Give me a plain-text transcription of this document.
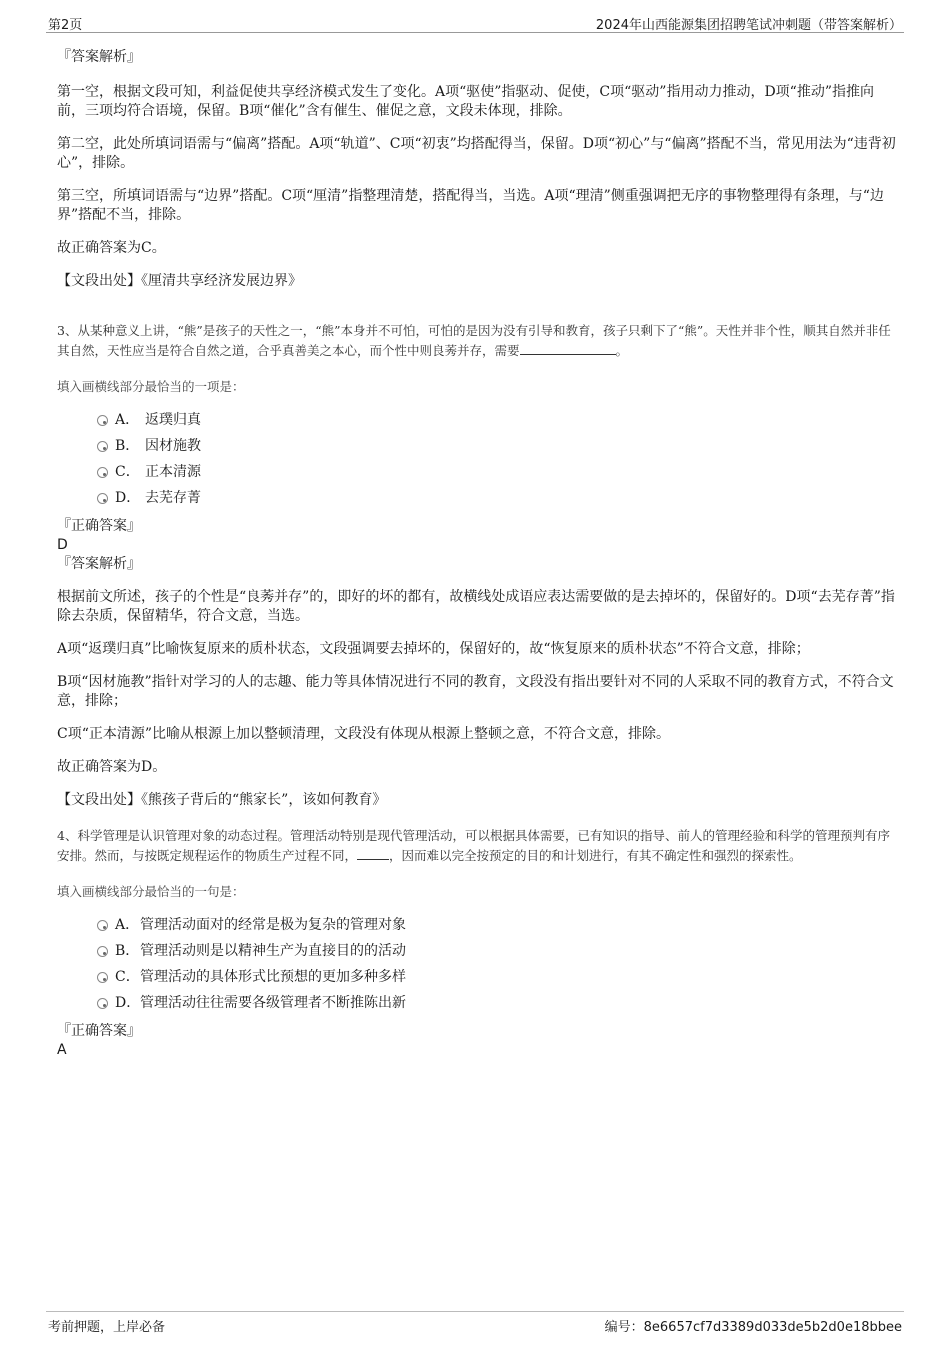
第2页	2024年山西能源集团招聘笔试冲刺题（带答案解析）

『答案解析』

第一空，根据文段可知，利益促使共享经济模式发生了变化。A项“驱使”指驱动、促使，C项“驱动”指用动力推动，D项“推动”指推向前，三项均符合语境，保留。B项“催化”含有催生、催促之意，文段未体现，排除。

第二空，此处所填词语需与“偏离”搭配。A项“轨道”、C项“初衷”均搭配得当，保留。D项“初心”与“偏离”搭配不当，常见用法为“违背初心”，排除。

第三空，所填词语需与“边界”搭配。C项“厘清”指整理清楚，搭配得当，当选。A项“理清”侧重强调把无序的事物整理得有条理，与“边界”搭配不当，排除。

故正确答案为C。

【文段出处】《厘清共享经济发展边界》

3、从某种意义上讲，“熊”是孩子的天性之一，“熊”本身并不可怕，可怕的是因为没有引导和教育，孩子只剩下了“熊”。天性并非个性，顺其自然并非任其自然，天性应当是符合自然之道，合乎真善美之本心，而个性中则良莠并存，需要	。

填入画横线部分最恰当的一项是：

A． 返璞归真
B． 因材施教
C． 正本清源
D． 去芜存菁

『正确答案』

D

『答案解析』

根据前文所述，孩子的个性是“良莠并存”的，即好的坏的都有，故横线处成语应表达需要做的是去掉坏的，保留好的。D项“去芜存菁”指除去杂质，保留精华，符合文意，当选。

A项“返璞归真”比喻恢复原来的质朴状态，文段强调要去掉坏的，保留好的，故“恢复原来的质朴状态”不符合文意，排除；

B项“因材施教”指针对学习的人的志趣、能力等具体情况进行不同的教育，文段没有指出要针对不同的人采取不同的教育方式，不符合文意，排除；

C项“正本清源”比喻从根源上加以整顿清理，文段没有体现从根源上整顿之意，不符合文意，排除。

故正确答案为D。

【文段出处】《熊孩子背后的“熊家长”，该如何教育》

4、科学管理是认识管理对象的动态过程。管理活动特别是现代管理活动，可以根据具体需要，已有知识的指导、前人的管理经验和科学的管理预判有序安排。然而，与按既定规程运作的物质生产过程不同，	，因而难以完全按预定的目的和计划进行，有其不确定性和强烈的探索性。

填入画横线部分最恰当的一句是：

A．管理活动面对的经常是极为复杂的管理对象
B．管理活动则是以精神生产为直接目的的活动
C．管理活动的具体形式比预想的更加多种多样
D．管理活动往往需要各级管理者不断推陈出新

『正确答案』

A

考前押题，上岸必备	编号：8e6657cf7d3389d033de5b2d0e18bbee
